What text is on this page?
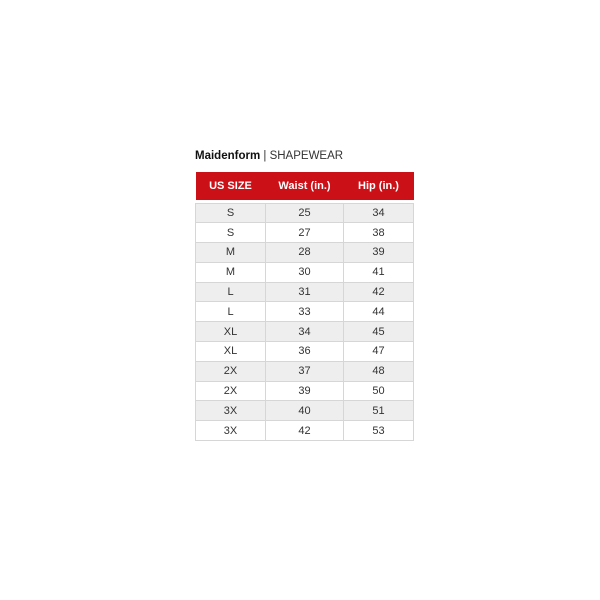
Maidenform | SHAPEWEAR
US SIZE	Waist (in.)	Hip (in.)

S	25	34
S	27	38
M	28	39
M	30	41
L	31	42
L	33	44
XL	34	45
XL	36	47
2X	37	48
2X	39	50
3X	40	51
3X	42	53
